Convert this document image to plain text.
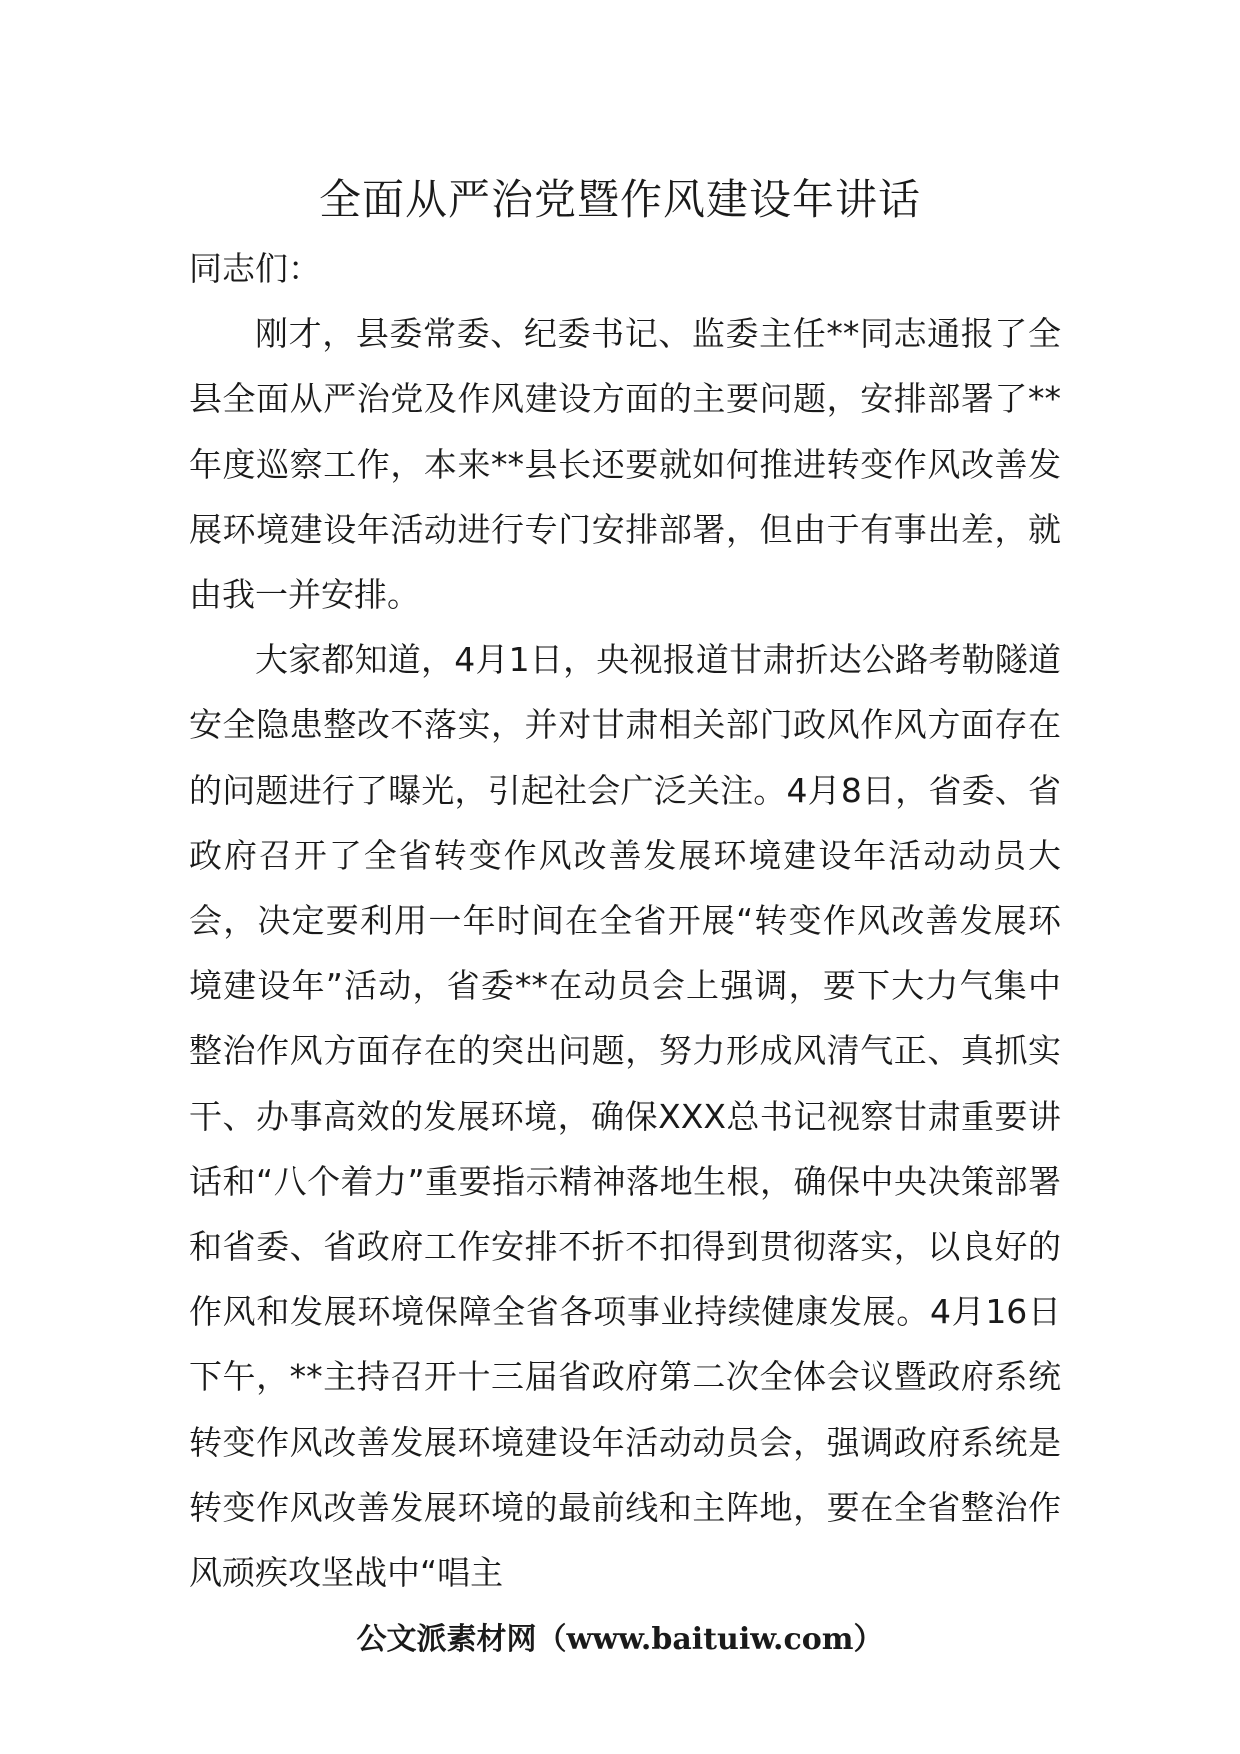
全面从严治党暨作风建设年讲话

同志们：

刚才，县委常委、纪委书记、监委主任**同志通报了全县全面从严治党及作风建设方面的主要问题，安排部署了**年度巡察工作，本来**县长还要就如何推进转变作风改善发展环境建设年活动进行专门安排部署，但由于有事出差，就由我一并安排。

大家都知道，4月1日，央视报道甘肃折达公路考勒隧道安全隐患整改不落实，并对甘肃相关部门政风作风方面存在的问题进行了曝光，引起社会广泛关注。4月8日，省委、省政府召开了全省转变作风改善发展环境建设年活动动员大会，决定要利用一年时间在全省开展“转变作风改善发展环境建设年”活动，省委**在动员会上强调，要下大力气集中整治作风方面存在的突出问题，努力形成风清气正、真抓实干、办事高效的发展环境，确保XXX总书记视察甘肃重要讲话和“八个着力”重要指示精神落地生根，确保中央决策部署和省委、省政府工作安排不折不扣得到贯彻落实，以良好的作风和发展环境保障全省各项事业持续健康发展。4月16日下午，**主持召开十三届省政府第二次全体会议暨政府系统转变作风改善发展环境建设年活动动员会，强调政府系统是转变作风改善发展环境的最前线和主阵地，要在全省整治作风顽疾攻坚战中“唱主

公文派素材网（www.baituiw.com）
